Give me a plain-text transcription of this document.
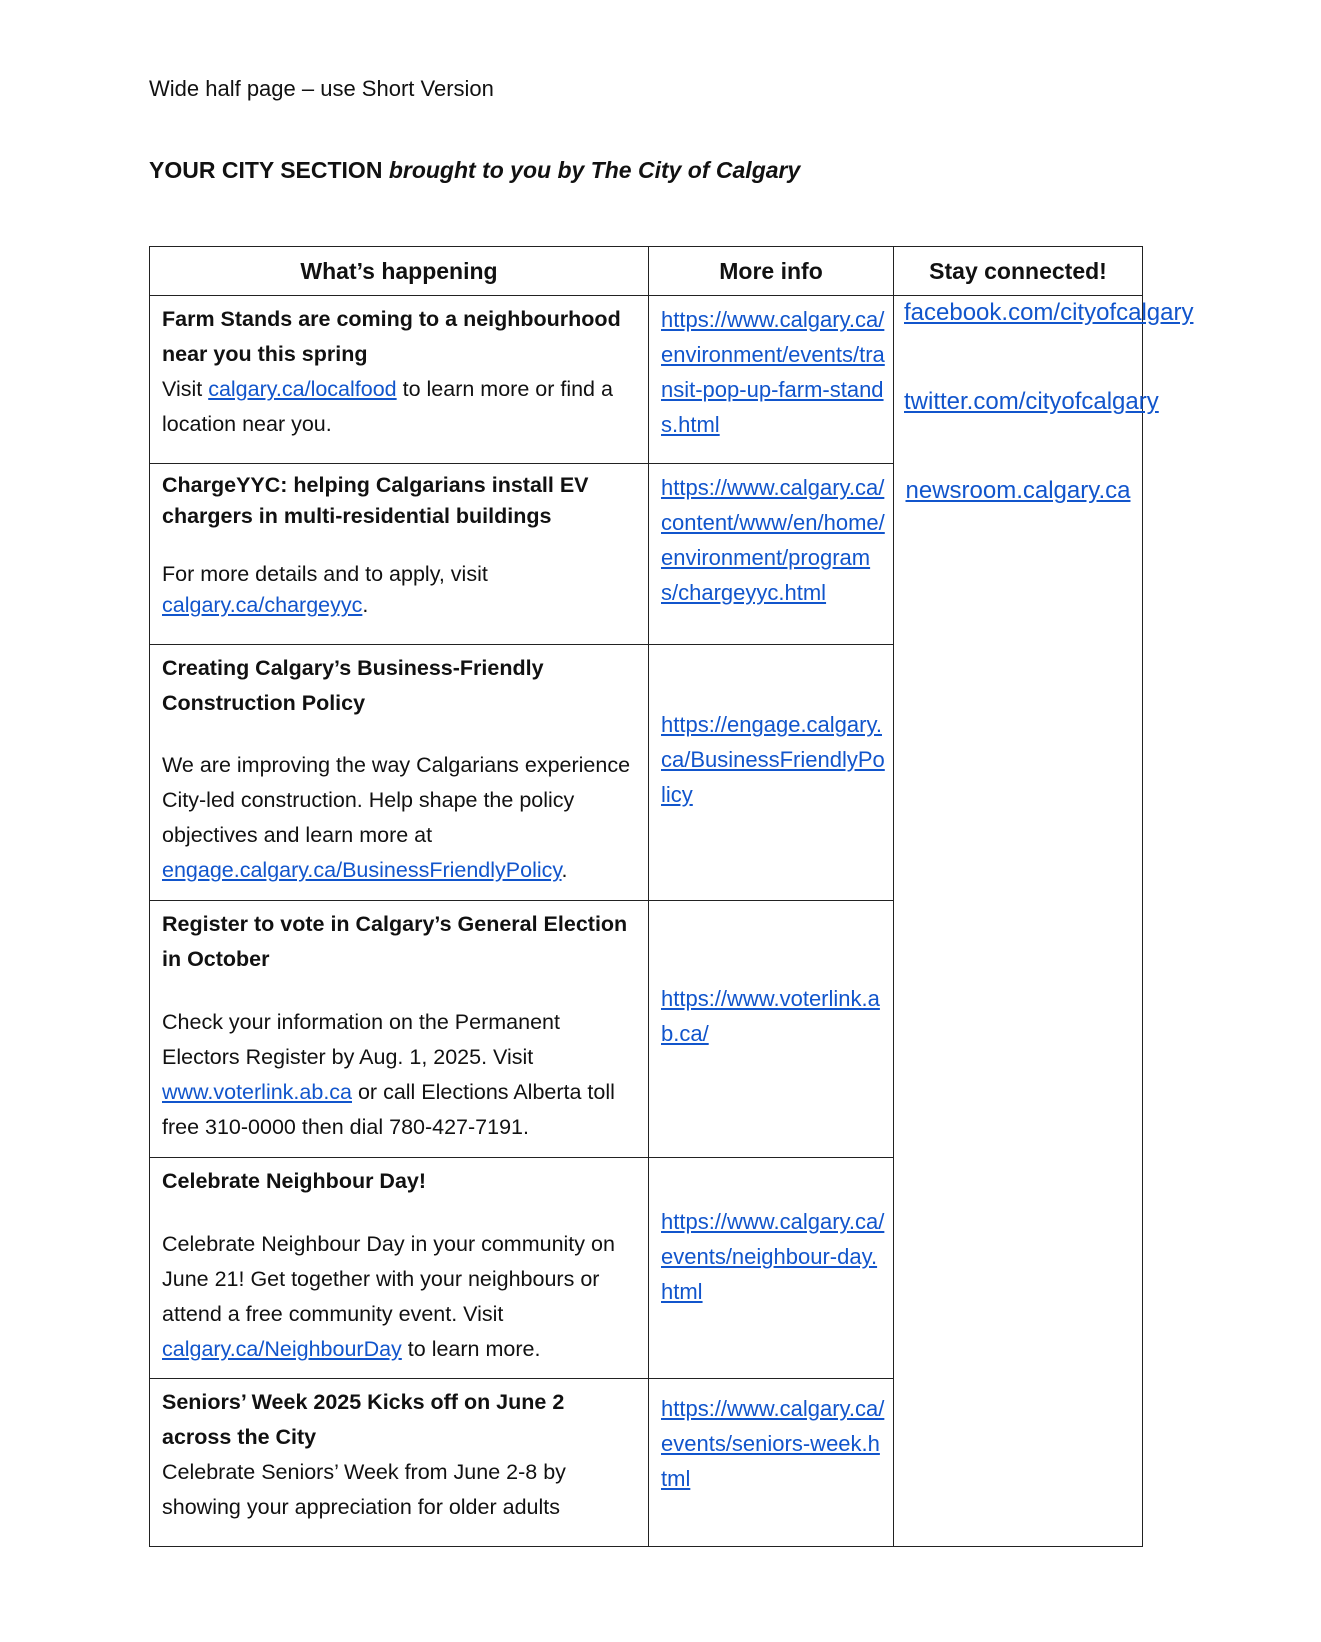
Wide half page – use Short Version
YOUR CITY SECTION brought to you by The City of Calgary
What’s happening	More info	Stay connected!

Farm Stands are coming to a neighbourhood near you this spring
Visit calgary.ca/localfood to learn more or find a location near you.	https://www.calgary.ca/environment/events/transit-pop-up-farm-stands.html	facebook.com/cityofcalgary
twitter.com/cityofcalgary
newsroom.calgary.ca

ChargeYYC: helping Calgarians install EV chargers in multi-residential buildings
For more details and to apply, visit calgary.ca/chargeyyc.	https://www.calgary.ca/content/www/en/home/environment/programs/chargeyyc.html	

Creating Calgary’s Business-Friendly Construction Policy
We are improving the way Calgarians experience City-led construction. Help shape the policy objectives and learn more at engage.calgary.ca/BusinessFriendlyPolicy.	https://engage.calgary.ca/BusinessFriendlyPolicy	

Register to vote in Calgary’s General Election in October
Check your information on the Permanent Electors Register by Aug. 1, 2025. Visit www.voterlink.ab.ca or call Elections Alberta toll free 310-0000 then dial 780-427-7191.	https://www.voterlink.ab.ca/	

Celebrate Neighbour Day!
Celebrate Neighbour Day in your community on June 21! Get together with your neighbours or attend a free community event. Visit calgary.ca/NeighbourDay to learn more.	https://www.calgary.ca/events/neighbour-day.html	

Seniors’ Week 2025 Kicks off on June 2 across the City
Celebrate Seniors’ Week from June 2-8 by showing your appreciation for older adults	https://www.calgary.ca/events/seniors-week.html	
